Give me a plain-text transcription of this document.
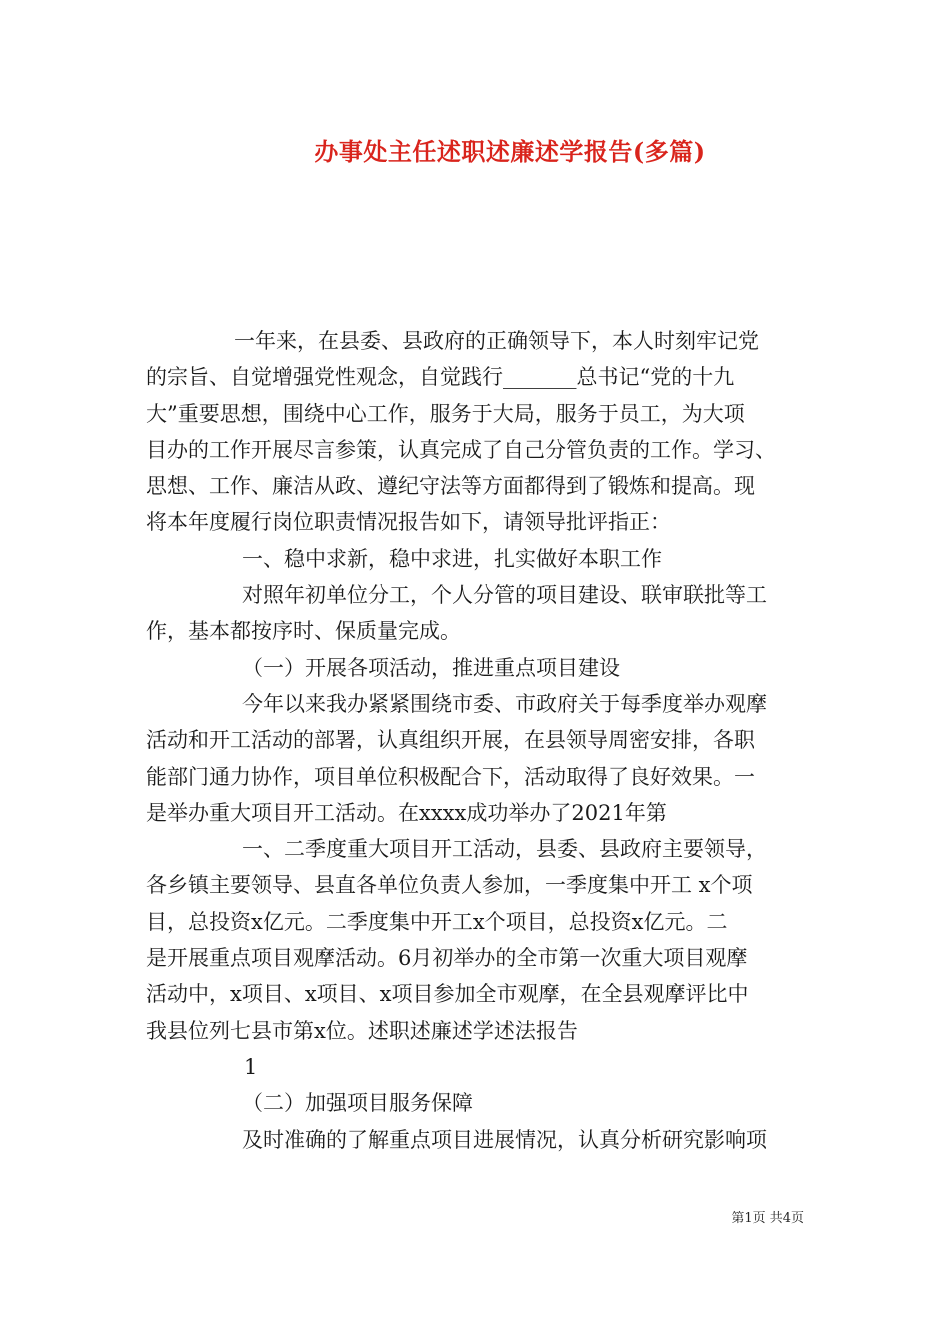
办事处主任述职述廉述学报告(多篇)
一年来，在县委、县政府的正确领导下，本人时刻牢记党
的宗旨、自觉增强党性观念，自觉践行_______总书记“党的十九
大”重要思想，围绕中心工作，服务于大局，服务于员工，为大项
目办的工作开展尽言参策，认真完成了自己分管负责的工作。学习、
思想、工作、廉洁从政、遵纪守法等方面都得到了锻炼和提高。现
将本年度履行岗位职责情况报告如下，请领导批评指正：
一、稳中求新，稳中求进，扎实做好本职工作
对照年初单位分工，个人分管的项目建设、联审联批等工
作，基本都按序时、保质量完成。
（一）开展各项活动，推进重点项目建设
今年以来我办紧紧围绕市委、市政府关于每季度举办观摩
活动和开工活动的部署，认真组织开展，在县领导周密安排，各职
能部门通力协作，项目单位积极配合下，活动取得了良好效果。一
是举办重大项目开工活动。在xxxx成功举办了2021年第
一、二季度重大项目开工活动，县委、县政府主要领导，
各乡镇主要领导、县直各单位负责人参加，一季度集中开工 x个项
目，总投资x亿元。二季度集中开工x个项目，总投资x亿元。二
是开展重点项目观摩活动。6月初举办的全市第一次重大项目观摩
活动中，x项目、x项目、x项目参加全市观摩，在全县观摩评比中
我县位列七县市第x位。述职述廉述学述法报告
1
（二）加强项目服务保障
及时准确的了解重点项目进展情况，认真分析研究影响项
第1页 共4页
